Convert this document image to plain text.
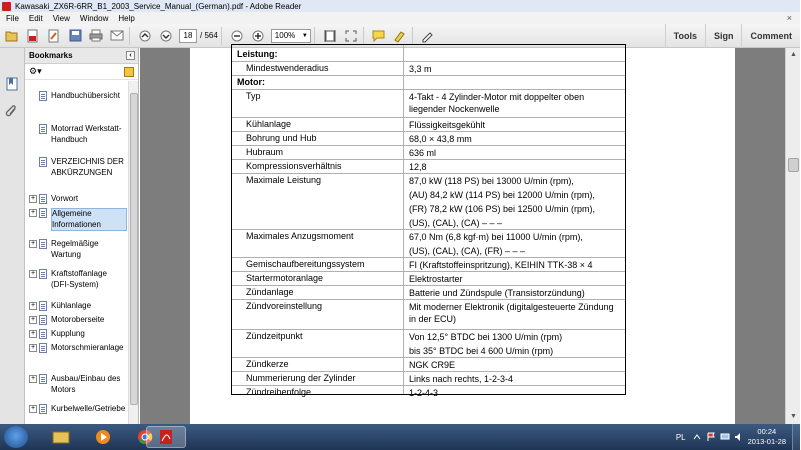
Kawasaki_ZX6R-6RR_B1_2003_Service_Manual_(German).pdf - Adobe Reader
File Edit View Window Help	×
18 / 564	100% ▼	Tools	Sign	Comment
Bookmarks	‹
⚙▾
Handbuchübersicht
Motorrad Werkstatt-Handbuch
VERZEICHNIS DER ABKÜRZUNGEN
+ Vorwort
+ Allgemeine Informationen
+ Regelmäßige Wartung
+ Kraftstoffanlage (DFI-System)
+ Kühlanlage
+ Motoroberseite
+ Kupplung
+ Motorschmieranlage
+ Ausbau/Einbau des Motors
+ Kurbelwelle/Getriebe
Leistung:
Mindestwenderadius	3,3 m
Motor:
Typ	4-Takt - 4 Zylinder-Motor mit doppelter oben liegender Nockenwelle
Kühlanlage	Flüssigkeitsgekühlt
Bohrung und Hub	68,0 × 43,8 mm
Hubraum	636 ml
Kompressionsverhältnis	12,8
Maximale Leistung	87,0 kW (118 PS) bei 13000 U/min (rpm),
(AU) 84,2 kW (114 PS) bei 12000 U/min (rpm),
(FR) 78,2 kW (106 PS) bei 12500 U/min (rpm),
(US), (CAL), (CA) – – –
Maximales Anzugsmoment	67,0 Nm (6,8 kgf·m) bei 11000 U/min (rpm),
(US), (CAL), (CA), (FR) – – –
Gemischaufbereitungssystem	FI (Kraftstoffeinspritzung), KEIHIN TTK-38 × 4
Startermotoranlage	Elektrostarter
Zündanlage	Batterie und Zündspule (Transistorzündung)
Zündvoreinstellung	Mit moderner Elektronik (digitalgesteuerte Zündung in der ECU)
Zündzeitpunkt	Von 12,5° BTDC bei 1300 U/min (rpm)
bis 35° BTDC bei 4 600 U/min (rpm)
Zündkerze	NGK CR9E
Nummerierung der Zylinder	Links nach rechts, 1-2-3-4
Zündreihenfolge	1-2-4-3
▲
▼
PL
00:24
2013-01-28
